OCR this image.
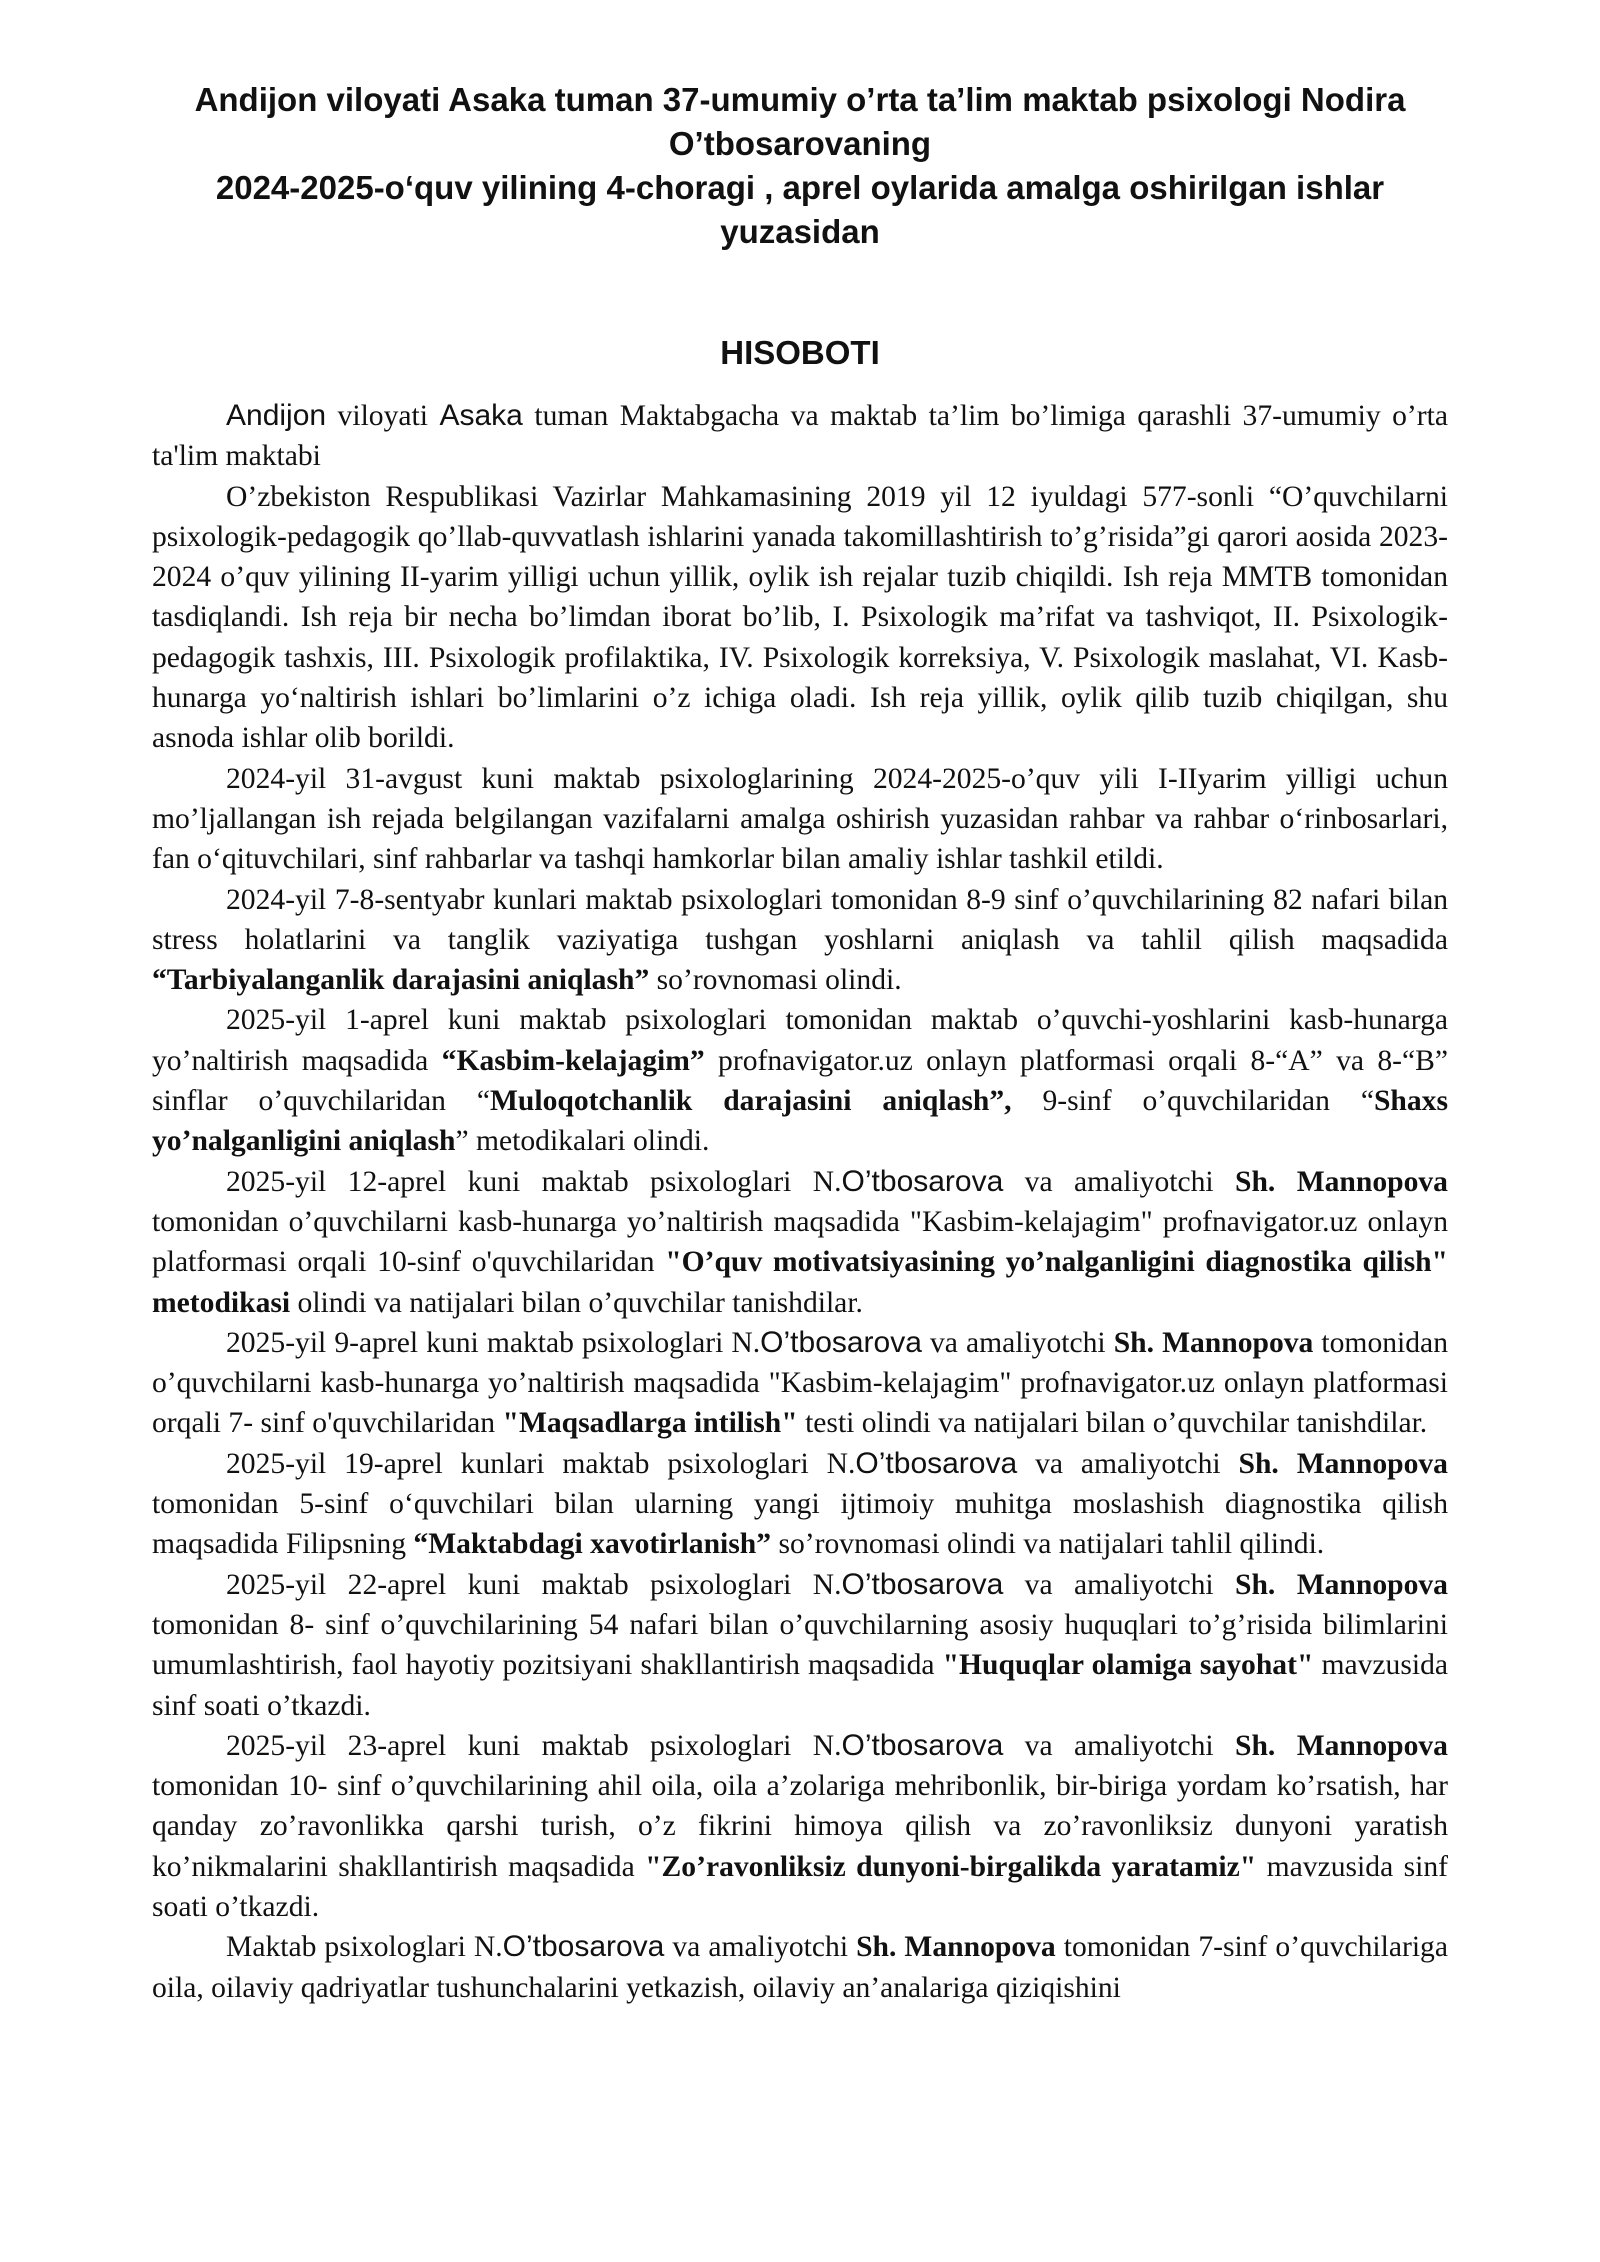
Andijon viloyati Asaka tuman 37-umumiy o’rta ta’lim maktab psixologi Nodira
O’tbosarovaning
2024-2025-o‘quv yilining 4-choragi , aprel oylarida amalga oshirilgan ishlar
yuzasidan
HISOBOTI

Andijon viloyati Asaka tuman Maktabgacha va maktab ta’lim bo’limiga qarashli 37-umumiy o’rta ta'lim maktabi

O’zbekiston Respublikasi Vazirlar Mahkamasining 2019 yil 12 iyuldagi 577-sonli “O’quvchilarni psixologik-pedagogik qo’llab-quvvatlash ishlarini yanada takomillashtirish to’g’risida”gi qarori aosida 2023-2024 o’quv yilining II-yarim yilligi uchun yillik, oylik ish rejalar tuzib chiqildi. Ish reja MMTB tomonidan tasdiqlandi. Ish reja bir necha bo’limdan iborat bo’lib, I. Psixologik ma’rifat va tashviqot, II. Psixologik-pedagogik tashxis, III. Psixologik profilaktika, IV. Psixologik korreksiya, V. Psixologik maslahat, VI. Kasb-hunarga yo‘naltirish ishlari bo’limlarini o’z ichiga oladi. Ish reja yillik, oylik qilib tuzib chiqilgan, shu asnoda ishlar olib borildi.

2024-yil 31-avgust kuni maktab psixologlarining 2024-2025-o’quv yili I-IIyarim yilligi uchun mo’ljallangan ish rejada belgilangan vazifalarni amalga oshirish yuzasidan rahbar va rahbar o‘rinbosarlari, fan o‘qituvchilari, sinf rahbarlar va tashqi hamkorlar bilan amaliy ishlar tashkil etildi.

2024-yil 7-8-sentyabr kunlari maktab psixologlari tomonidan 8-9 sinf o’quvchilarining 82 nafari bilan stress holatlarini va tanglik vaziyatiga tushgan yoshlarni aniqlash va tahlil qilish maqsadida “Tarbiyalanganlik darajasini aniqlash” so’rovnomasi olindi.

2025-yil 1-aprel kuni maktab psixologlari tomonidan maktab o’quvchi-yoshlarini kasb-hunarga yo’naltirish maqsadida “Kasbim-kelajagim” profnavigator.uz onlayn platformasi orqali 8-“A” va 8-“B” sinflar o’quvchilaridan “Muloqotchanlik darajasini aniqlash”, 9-sinf o’quvchilaridan “Shaxs yo’nalganligini aniqlash” metodikalari olindi.

2025-yil 12-aprel kuni maktab psixologlari N.O’tbosarova va amaliyotchi Sh. Mannopova tomonidan o’quvchilarni kasb-hunarga yo’naltirish maqsadida "Kasbim-kelajagim" profnavigator.uz onlayn platformasi orqali 10-sinf o'quvchilaridan "O’quv motivatsiyasining yo’nalganligini diagnostika qilish" metodikasi olindi va natijalari bilan o’quvchilar tanishdilar.

2025-yil 9-aprel kuni maktab psixologlari N.O’tbosarova va amaliyotchi Sh. Mannopova tomonidan o’quvchilarni kasb-hunarga yo’naltirish maqsadida "Kasbim-kelajagim" profnavigator.uz onlayn platformasi orqali 7- sinf o'quvchilaridan "Maqsadlarga intilish" testi olindi va natijalari bilan o’quvchilar tanishdilar.

2025-yil 19-aprel kunlari maktab psixologlari N.O’tbosarova va amaliyotchi Sh. Mannopova tomonidan 5-sinf o‘quvchilari bilan ularning yangi ijtimoiy muhitga moslashish diagnostika qilish maqsadida Filipsning “Maktabdagi xavotirlanish” so’rovnomasi olindi va natijalari tahlil qilindi.

2025-yil 22-aprel kuni maktab psixologlari N.O’tbosarova va amaliyotchi Sh. Mannopova tomonidan 8- sinf o’quvchilarining 54 nafari bilan o’quvchilarning asosiy huquqlari to’g’risida bilimlarini umumlashtirish, faol hayotiy pozitsiyani shakllantirish maqsadida "Huquqlar olamiga sayohat" mavzusida sinf soati o’tkazdi.

2025-yil 23-aprel kuni maktab psixologlari N.O’tbosarova va amaliyotchi Sh. Mannopova tomonidan 10- sinf o’quvchilarining ahil oila, oila a’zolariga mehribonlik, bir-biriga yordam ko’rsatish, har qanday zo’ravonlikka qarshi turish, o’z fikrini himoya qilish va zo’ravonliksiz dunyoni yaratish ko’nikmalarini shakllantirish maqsadida "Zo’ravonliksiz dunyoni-birgalikda yaratamiz" mavzusida sinf soati o’tkazdi.

Maktab psixologlari N.O’tbosarova va amaliyotchi Sh. Mannopova tomonidan 7-sinf o’quvchilariga oila, oilaviy qadriyatlar tushunchalarini yetkazish, oilaviy an’analariga qiziqishini
